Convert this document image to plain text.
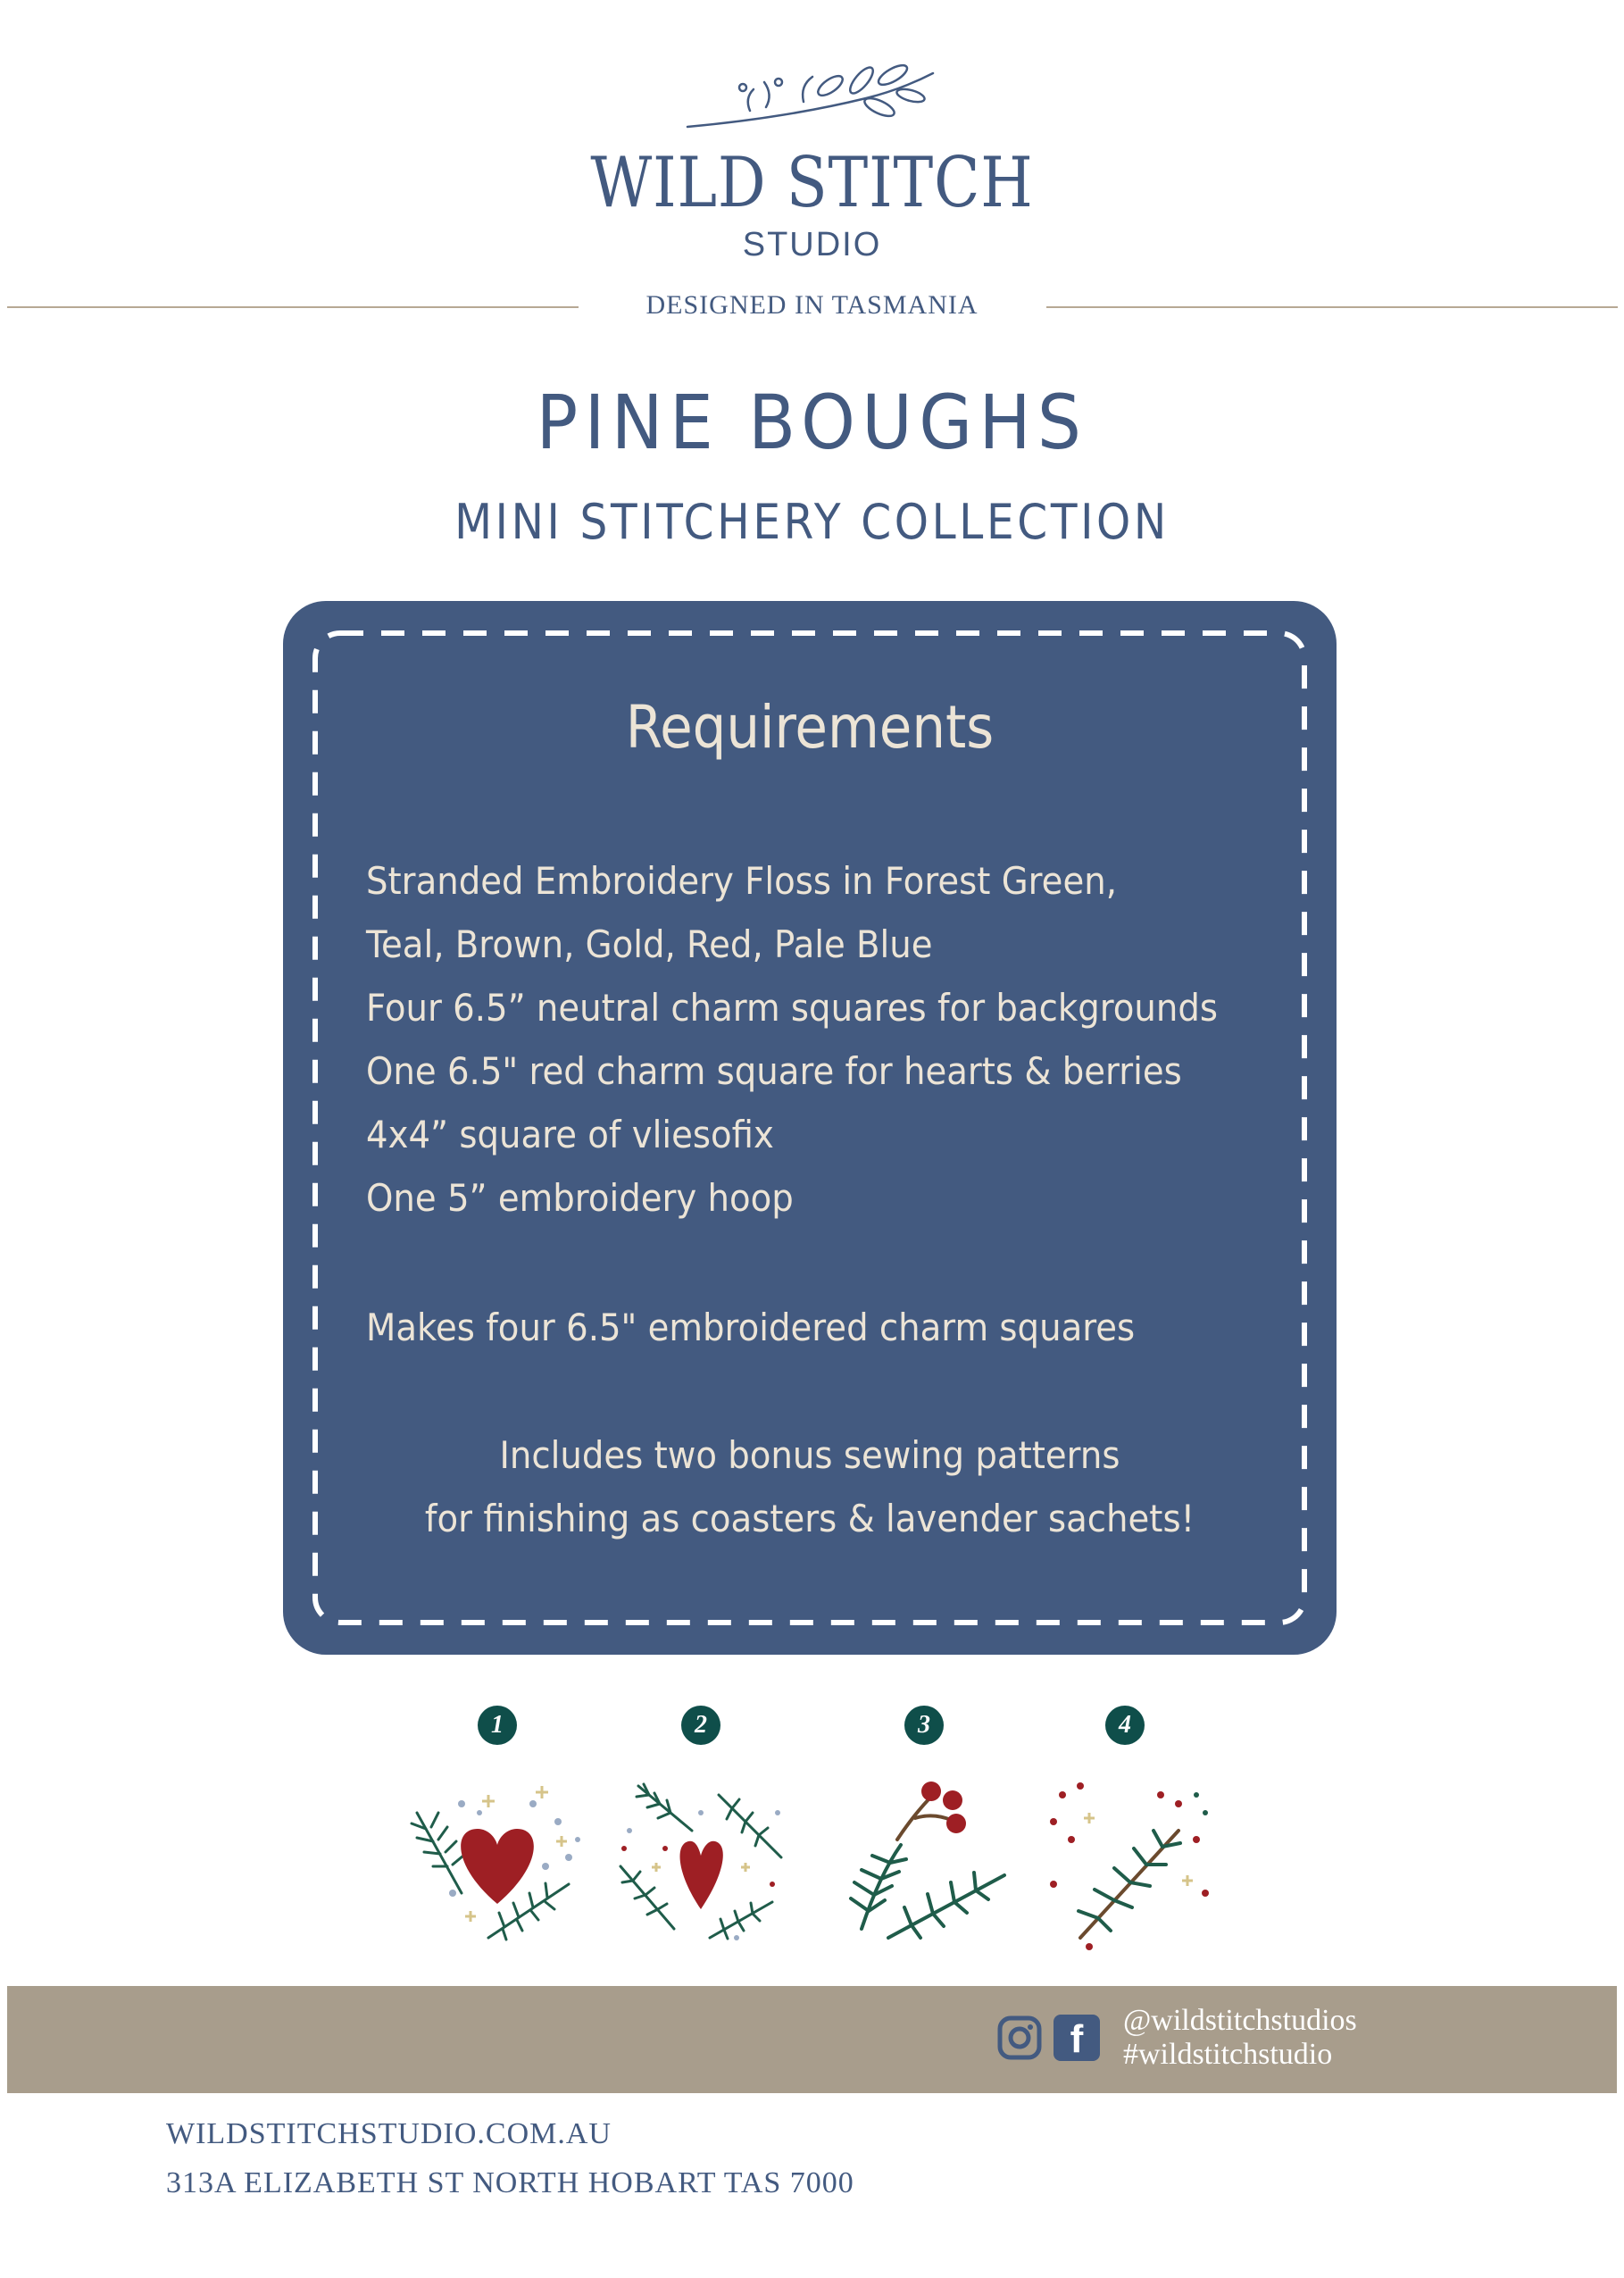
WILD STITCH
STUDIO
DESIGNED IN TASMANIA
PINE BOUGHS
MINI STITCHERY COLLECTION
Requirements
Stranded Embroidery Floss in Forest Green,
Teal, Brown, Gold, Red, Pale Blue
Four 6.5” neutral charm squares for backgrounds
One 6.5" red charm square for hearts & berries
4x4” square of vliesofix
One 5” embroidery hoop
Makes four 6.5" embroidered charm squares
Includes two bonus sewing patterns
for finishing as coasters & lavender sachets!
1	2	3	4
f	@wildstitchstudios
#wildstitchstudio
WILDSTITCHSTUDIO.COM.AU
313A ELIZABETH ST NORTH HOBART TAS 7000
